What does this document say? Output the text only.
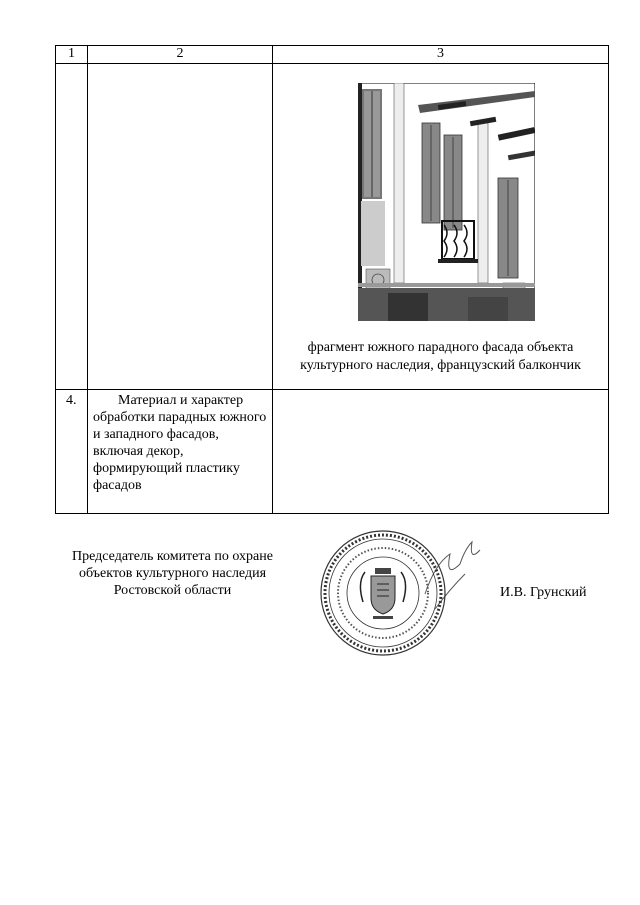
1	2	3

		фрагмент южного парадного фасада объекта культурного наследия, французский балкончик

4.	Материал и характер обработки парадных южного и западного фасадов, включая декор, формирующий пластику фасадов	
Председатель комитета по охране объектов культурного наследия Ростовской области	И.В. Грунский
